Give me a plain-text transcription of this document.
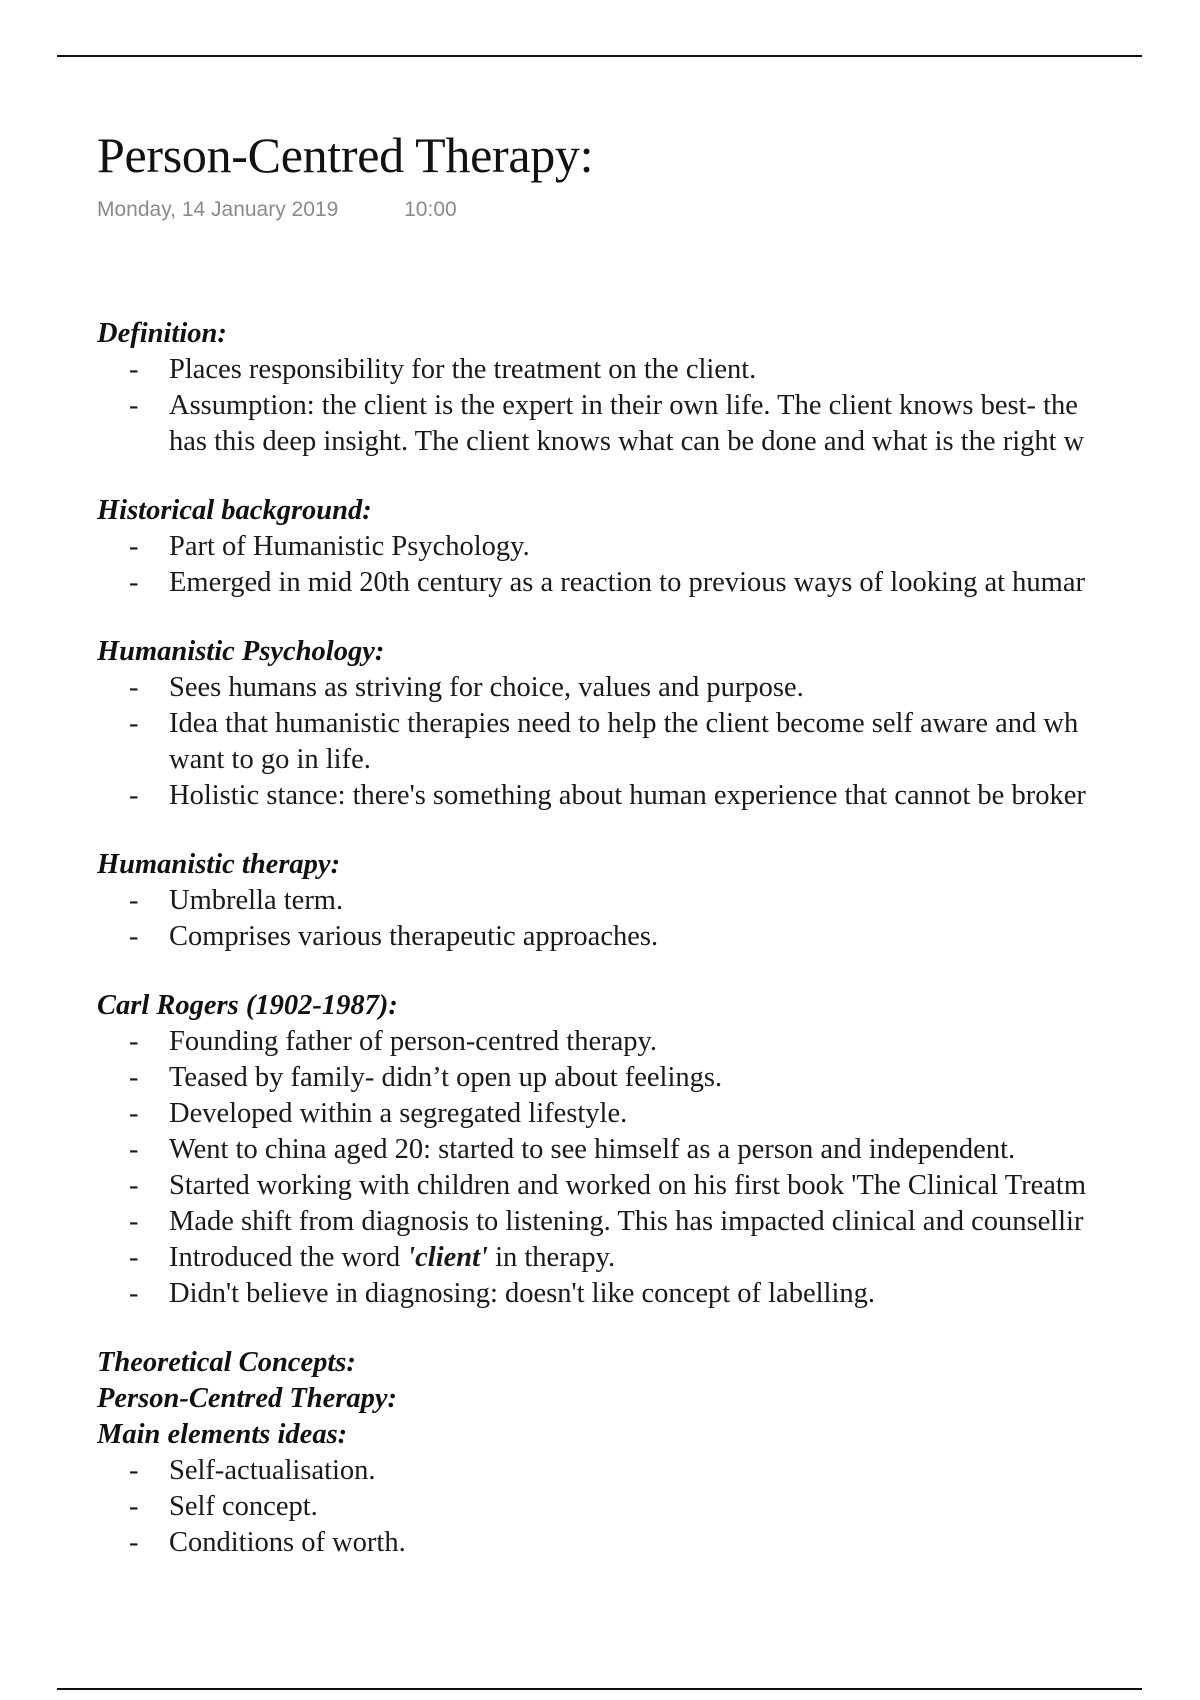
Person-Centred Therapy:
Monday, 14 January 2019	10:00
Definition:
- Places responsibility for the treatment on the client.
- Assumption: the client is the expert in their own life. The client knows best- the
has this deep insight. The client knows what can be done and what is the right w
Historical background:
- Part of Humanistic Psychology.
- Emerged in mid 20th century as a reaction to previous ways of looking at humar
Humanistic Psychology:
- Sees humans as striving for choice, values and purpose.
- Idea that humanistic therapies need to help the client become self aware and wh
want to go in life.
- Holistic stance: there's something about human experience that cannot be broker
Humanistic therapy:
- Umbrella term.
- Comprises various therapeutic approaches.
Carl Rogers (1902-1987):
- Founding father of person-centred therapy.
- Teased by family- didn’t open up about feelings.
- Developed within a segregated lifestyle.
- Went to china aged 20: started to see himself as a person and independent.
- Started working with children and worked on his first book 'The Clinical Treatm
- Made shift from diagnosis to listening. This has impacted clinical and counsellir
- Introduced the word 'client' in therapy.
- Didn't believe in diagnosing: doesn't like concept of labelling.
Theoretical Concepts:
Person-Centred Therapy:
Main elements ideas:
- Self-actualisation.
- Self concept.
- Conditions of worth.
